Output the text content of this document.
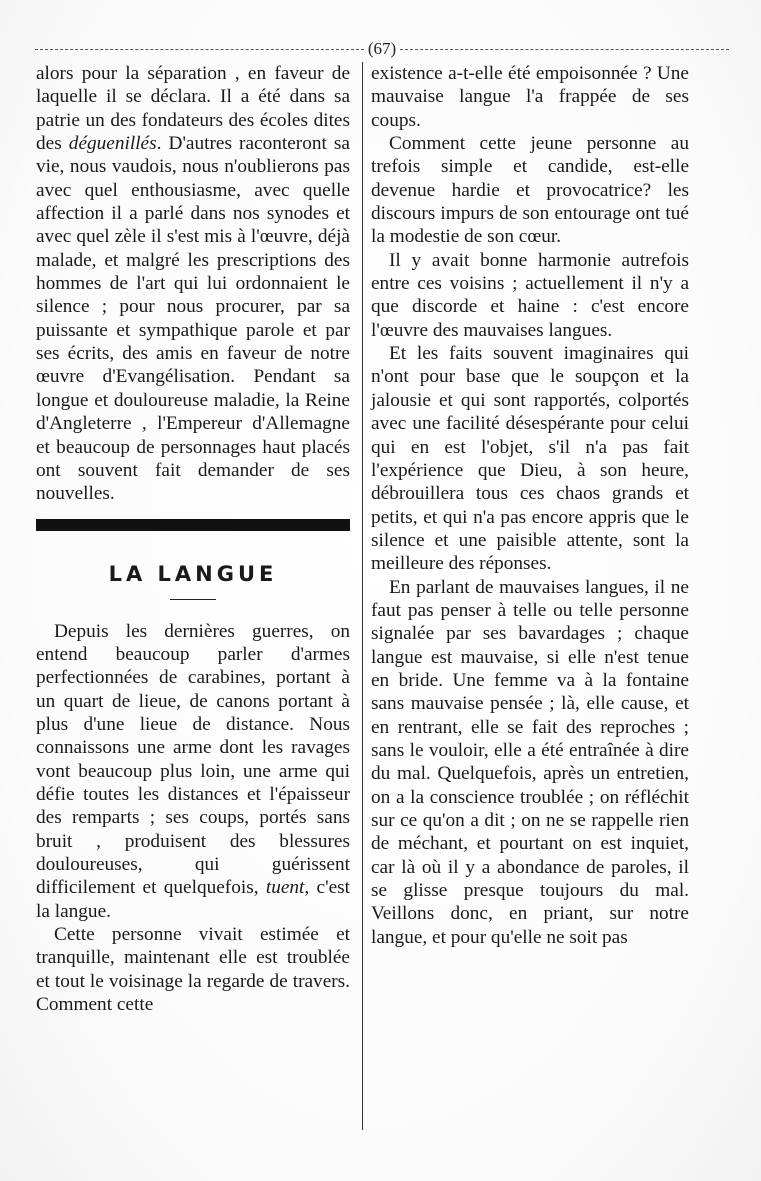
(67)

alors pour la séparation , en faveur de laquelle il se déclara. Il a été dans sa patrie un des fondateurs des écoles dites des déguenillés. D'autres raconteront sa vie, nous vaudois, nous n'oublierons pas avec quel enthousiasme, avec quelle affection il a parlé dans nos synodes et avec quel zèle il s'est mis à l'œuvre, déjà malade, et malgré les prescriptions des hommes de l'art qui lui ordonnaient le silence ; pour nous procurer, par sa puissante et sympathique parole et par ses écrits, des amis en faveur de notre œuvre d'Evangélisation. Pendant sa longue et douloureuse maladie, la Reine d'Angleterre , l'Empereur d'Allemagne et beaucoup de personnages haut placés ont souvent fait demander de ses nouvelles.

LA LANGUE

Depuis les dernières guerres, on entend beaucoup parler d'armes perfectionnées de carabines, portant à un quart de lieue, de canons portant à plus d'une lieue de distance. Nous connaissons une arme dont les ravages vont beaucoup plus loin, une arme qui défie toutes les distances et l'épaisseur des remparts ; ses coups, portés sans bruit , produisent des blessures douloureuses, qui guérissent difficilement et quelquefois, tuent, c'est la langue.

Cette personne vivait estimée et tranquille, maintenant elle est troublée et tout le voisinage la regarde de travers. Comment cette

existence a-t-elle été empoisonnée ? Une mauvaise langue l'a frappée de ses coups.

Comment cette jeune personne au trefois simple et candide, est-elle devenue hardie et provocatrice? les discours impurs de son entourage ont tué la modestie de son cœur.

Il y avait bonne harmonie autrefois entre ces voisins ; actuellement il n'y a que discorde et haine : c'est encore l'œuvre des mauvaises langues.

Et les faits souvent imaginaires qui n'ont pour base que le soupçon et la jalousie et qui sont rapportés, colportés avec une facilité désespérante pour celui qui en est l'objet, s'il n'a pas fait l'expérience que Dieu, à son heure, débrouillera tous ces chaos grands et petits, et qui n'a pas encore appris que le silence et une paisible attente, sont la meilleure des réponses.

En parlant de mauvaises langues, il ne faut pas penser à telle ou telle personne signalée par ses bavardages ; chaque langue est mauvaise, si elle n'est tenue en bride. Une femme va à la fontaine sans mauvaise pensée ; là, elle cause, et en rentrant, elle se fait des reproches ; sans le vouloir, elle a été entraînée à dire du mal. Quelquefois, après un entretien, on a la conscience troublée ; on réfléchit sur ce qu'on a dit ; on ne se rappelle rien de méchant, et pourtant on est inquiet, car là où il y a abondance de paroles, il se glisse presque toujours du mal. Veillons donc, en priant, sur notre langue, et pour qu'elle ne soit pas
